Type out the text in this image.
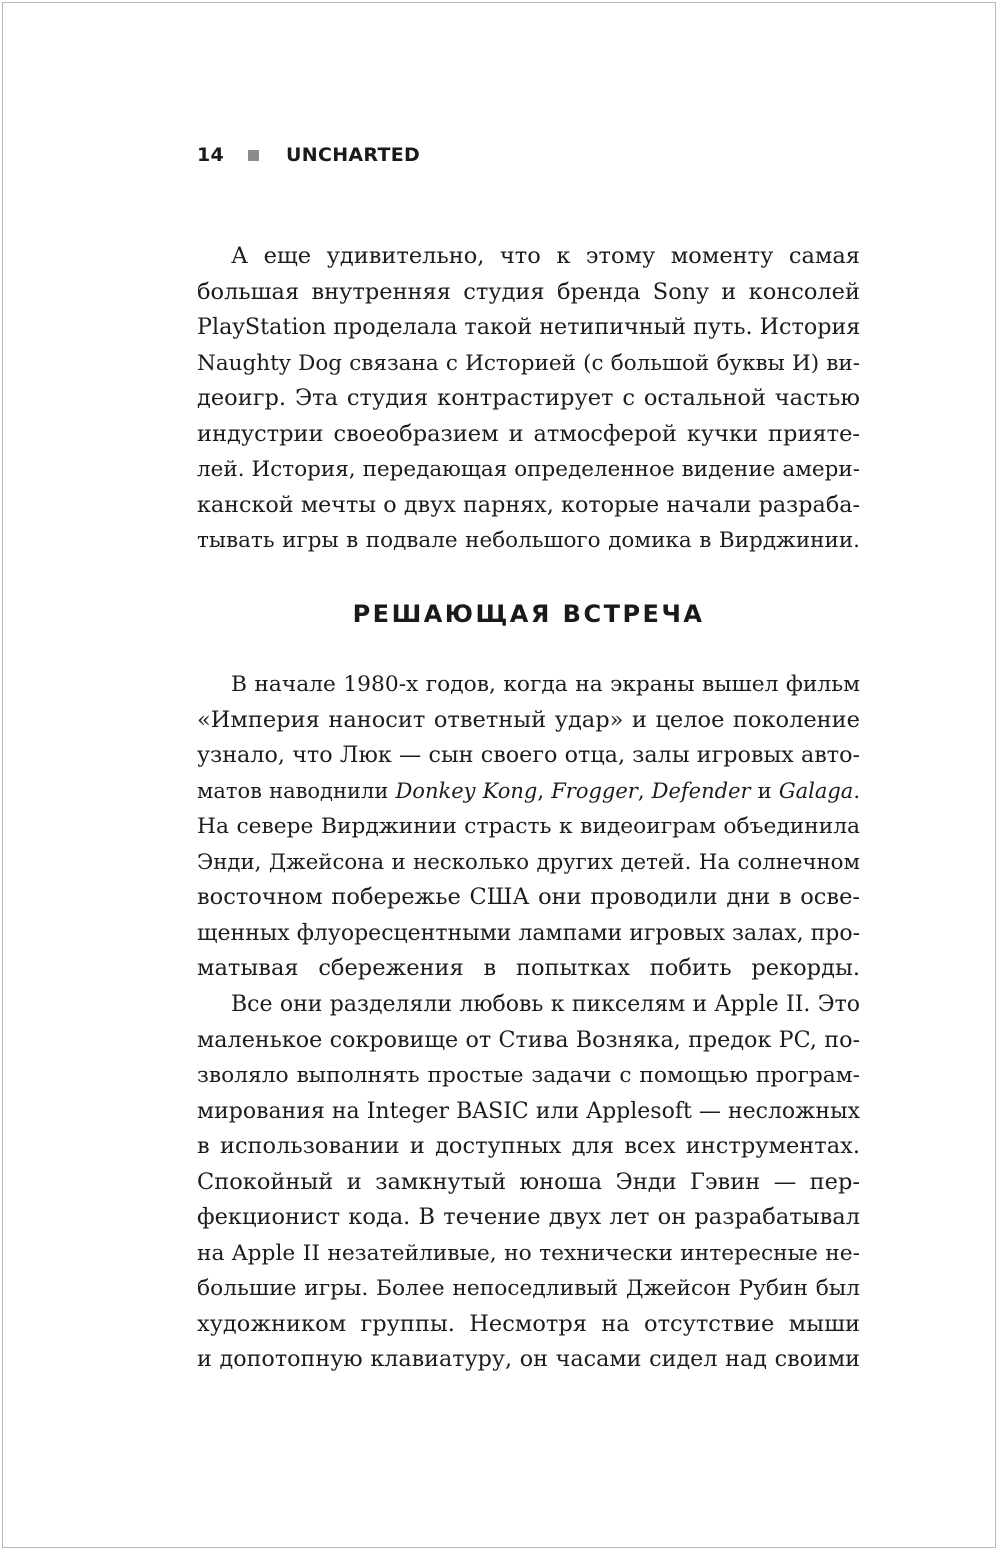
14	UNCHARTED
А еще удивительно, что к этому моменту самая
большая внутренняя студия бренда Sony и консолей
PlayStation проделала такой нетипичный путь. История
Naughty Dog связана с Историей (с большой буквы И) ви-
деоигр. Эта студия контрастирует с остальной частью
индустрии своеобразием и атмосферой кучки прияте-
лей. История, передающая определенное видение амери-
канской мечты о двух парнях, которые начали разраба-
тывать игры в подвале небольшого домика в Вирджинии.
РЕШАЮЩАЯ ВСТРЕЧА
В начале 1980-х годов, когда на экраны вышел фильм
«Империя наносит ответный удар» и целое поколение
узнало, что Люк — сын своего отца, залы игровых авто-
матов наводнили Donkey Kong, Frogger, Defender и Galaga.
На севере Вирджинии страсть к видеоиграм объединила
Энди, Джейсона и несколько других детей. На солнечном
восточном побережье США они проводили дни в осве-
щенных флуоресцентными лампами игровых залах, про-
матывая сбережения в попытках побить рекорды.
Все они разделяли любовь к пикселям и Apple II. Это
маленькое сокровище от Стива Возняка, предок PC, по-
зволяло выполнять простые задачи с помощью програм-
мирования на Integer BASIC или Applesoft — несложных
в использовании и доступных для всех инструментах.
Спокойный и замкнутый юноша Энди Гэвин — пер-
фекционист кода. В течение двух лет он разрабатывал
на Apple II незатейливые, но технически интересные не-
большие игры. Более непоседливый Джейсон Рубин был
художником группы. Несмотря на отсутствие мыши
и допотопную клавиатуру, он часами сидел над своими
